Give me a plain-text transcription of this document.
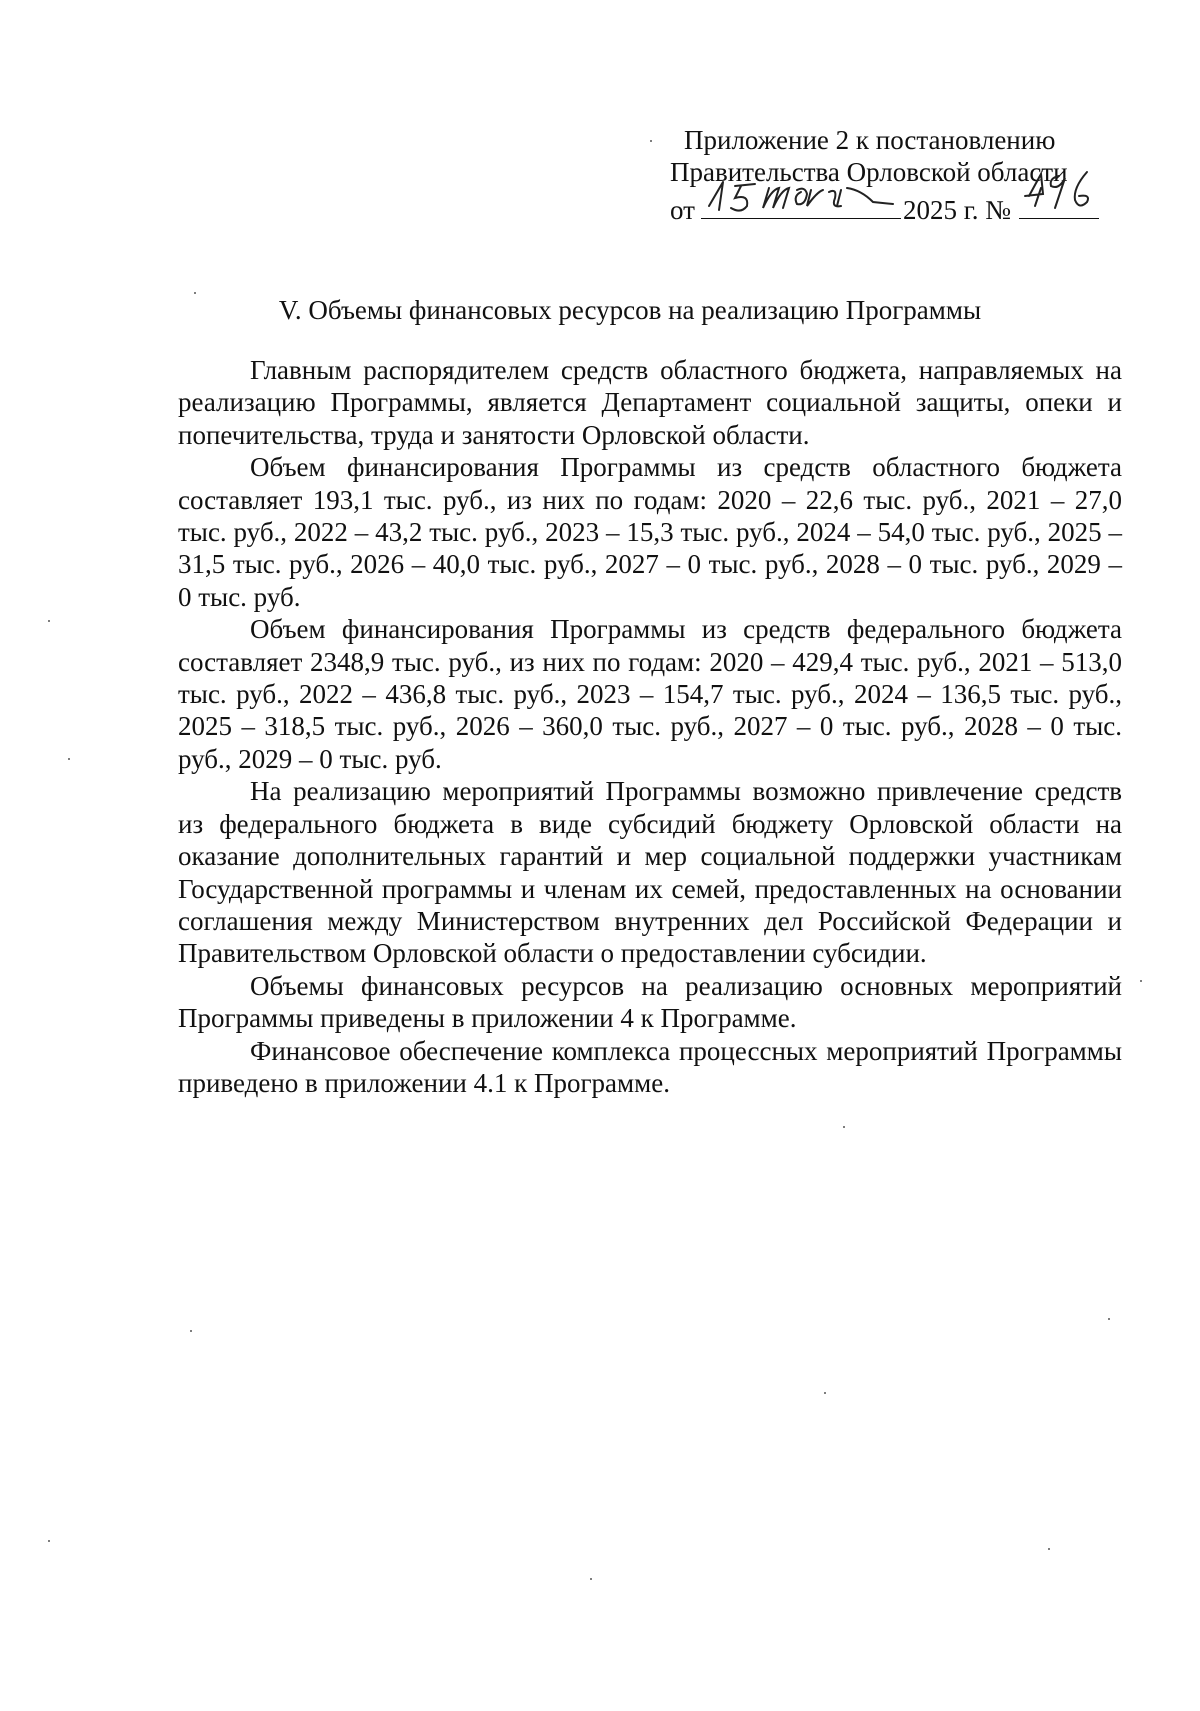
Приложение 2 к постановлению
Правительства Орловской области
от	2025 г. №
V. Объемы финансовых ресурсов на реализацию Программы

Главным распорядителем средств областного бюджета, направляемых на реализацию Программы, является Департамент социальной защиты, опеки и попечительства, труда и занятости Орловской области.

Объем финансирования Программы из средств областного бюджета составляет 193,1 тыс. руб., из них по годам: 2020 – 22,6 тыс. руб., 2021 – 27,0 тыс. руб., 2022 – 43,2 тыс. руб., 2023 – 15,3 тыс. руб., 2024 – 54,0 тыс. руб., 2025 – 31,5 тыс. руб., 2026 – 40,0 тыс. руб., 2027 – 0 тыс. руб., 2028 – 0 тыс. руб., 2029 – 0 тыс. руб.

Объем финансирования Программы из средств федерального бюджета составляет 2348,9 тыс. руб., из них по годам: 2020 – 429,4 тыс. руб., 2021 – 513,0 тыс. руб., 2022 – 436,8 тыс. руб., 2023 – 154,7 тыс. руб., 2024 – 136,5 тыс. руб., 2025 – 318,5 тыс. руб., 2026 – 360,0 тыс. руб., 2027 – 0 тыс. руб., 2028 – 0 тыс. руб., 2029 – 0 тыс. руб.

На реализацию мероприятий Программы возможно привлечение средств из федерального бюджета в виде субсидий бюджету Орловской области на оказание дополнительных гарантий и мер социальной поддержки участникам Государственной программы и членам их семей, предоставленных на основании соглашения между Министерством внутренних дел Российской Федерации и Правительством Орловской области о предоставлении субсидии.

Объемы финансовых ресурсов на реализацию основных мероприятий Программы приведены в приложении 4 к Программе.

Финансовое обеспечение комплекса процессных мероприятий Программы приведено в приложении 4.1 к Программе.
